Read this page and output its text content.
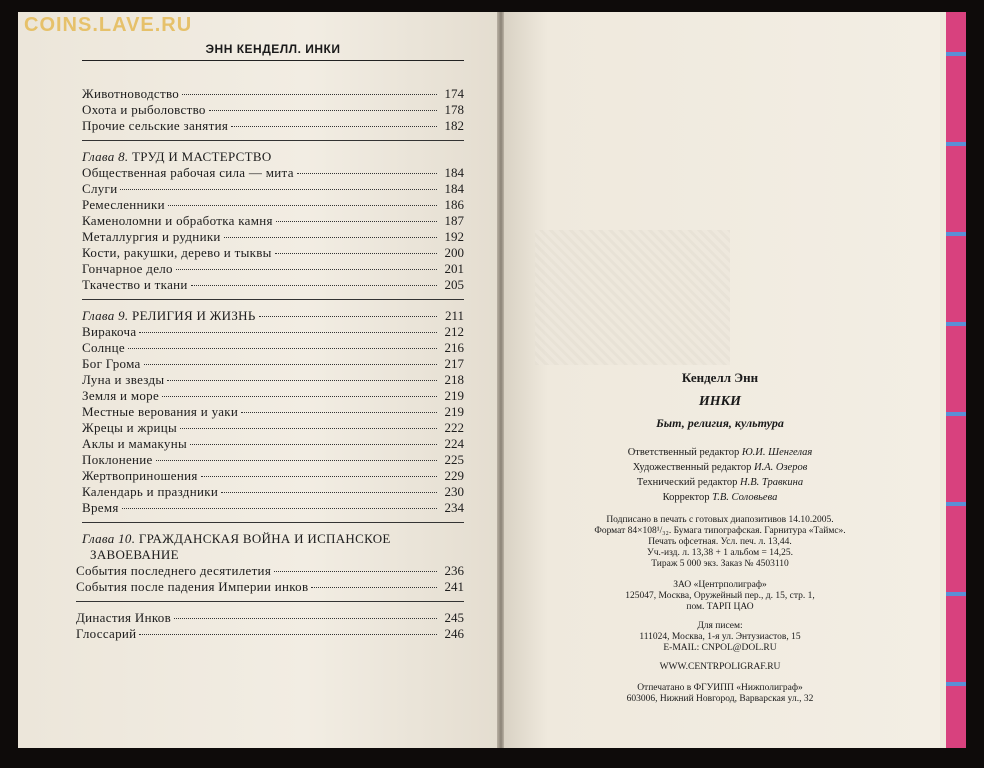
COINS.LAVE.RU
ЭНН КЕНДЕЛЛ. ИНКИ
Животноводство	174
Охота и рыболовство	178
Прочие сельские занятия	182
Глава 8. ТРУД И МАСТЕРСТВО
Общественная рабочая сила — мита	184
Слуги	184
Ремесленники	186
Каменоломни и обработка камня	187
Металлургия и рудники	192
Кости, ракушки, дерево и тыквы	200
Гончарное дело	201
Ткачество и ткани	205
Глава 9. РЕЛИГИЯ И ЖИЗНЬ	211
Виракоча	212
Солнце	216
Бог Грома	217
Луна и звезды	218
Земля и море	219
Местные верования и уаки	219
Жрецы и жрицы	222
Аклы и мамакуны	224
Поклонение	225
Жертвоприношения	229
Календарь и праздники	230
Время	234
Глава 10. ГРАЖДАНСКАЯ ВОЙНА И ИСПАНСКОЕ
ЗАВОЕВАНИЕ
События последнего десятилетия	236
События после падения Империи инков	241
Династия Инков	245
Глоссарий	246
Кенделл Энн
ИНКИ
Быт, религия, культура
Ответственный редактор Ю.И. Шенгелая
Художественный редактор И.А. Озеров
Технический редактор Н.В. Травкина
Корректор Т.В. Соловьева
Подписано в печать с готовых диапозитивов 14.10.2005.
Формат 84×108¹/₃₂. Бумага типографская. Гарнитура «Таймс».
Печать офсетная. Усл. печ. л. 13,44.
Уч.-изд. л. 13,38 + 1 альбом = 14,25.
Тираж 5 000 экз. Заказ № 4503110
ЗАО «Центрполиграф»
125047, Москва, Оружейный пер., д. 15, стр. 1,
пом. ТАРП ЦАО
Для писем:
111024, Москва, 1-я ул. Энтузиастов, 15
E-MAIL: CNPOL@DOL.RU
WWW.CENTRPOLIGRAF.RU
Отпечатано в ФГУИПП «Нижполиграф»
603006, Нижний Новгород, Варварская ул., 32
